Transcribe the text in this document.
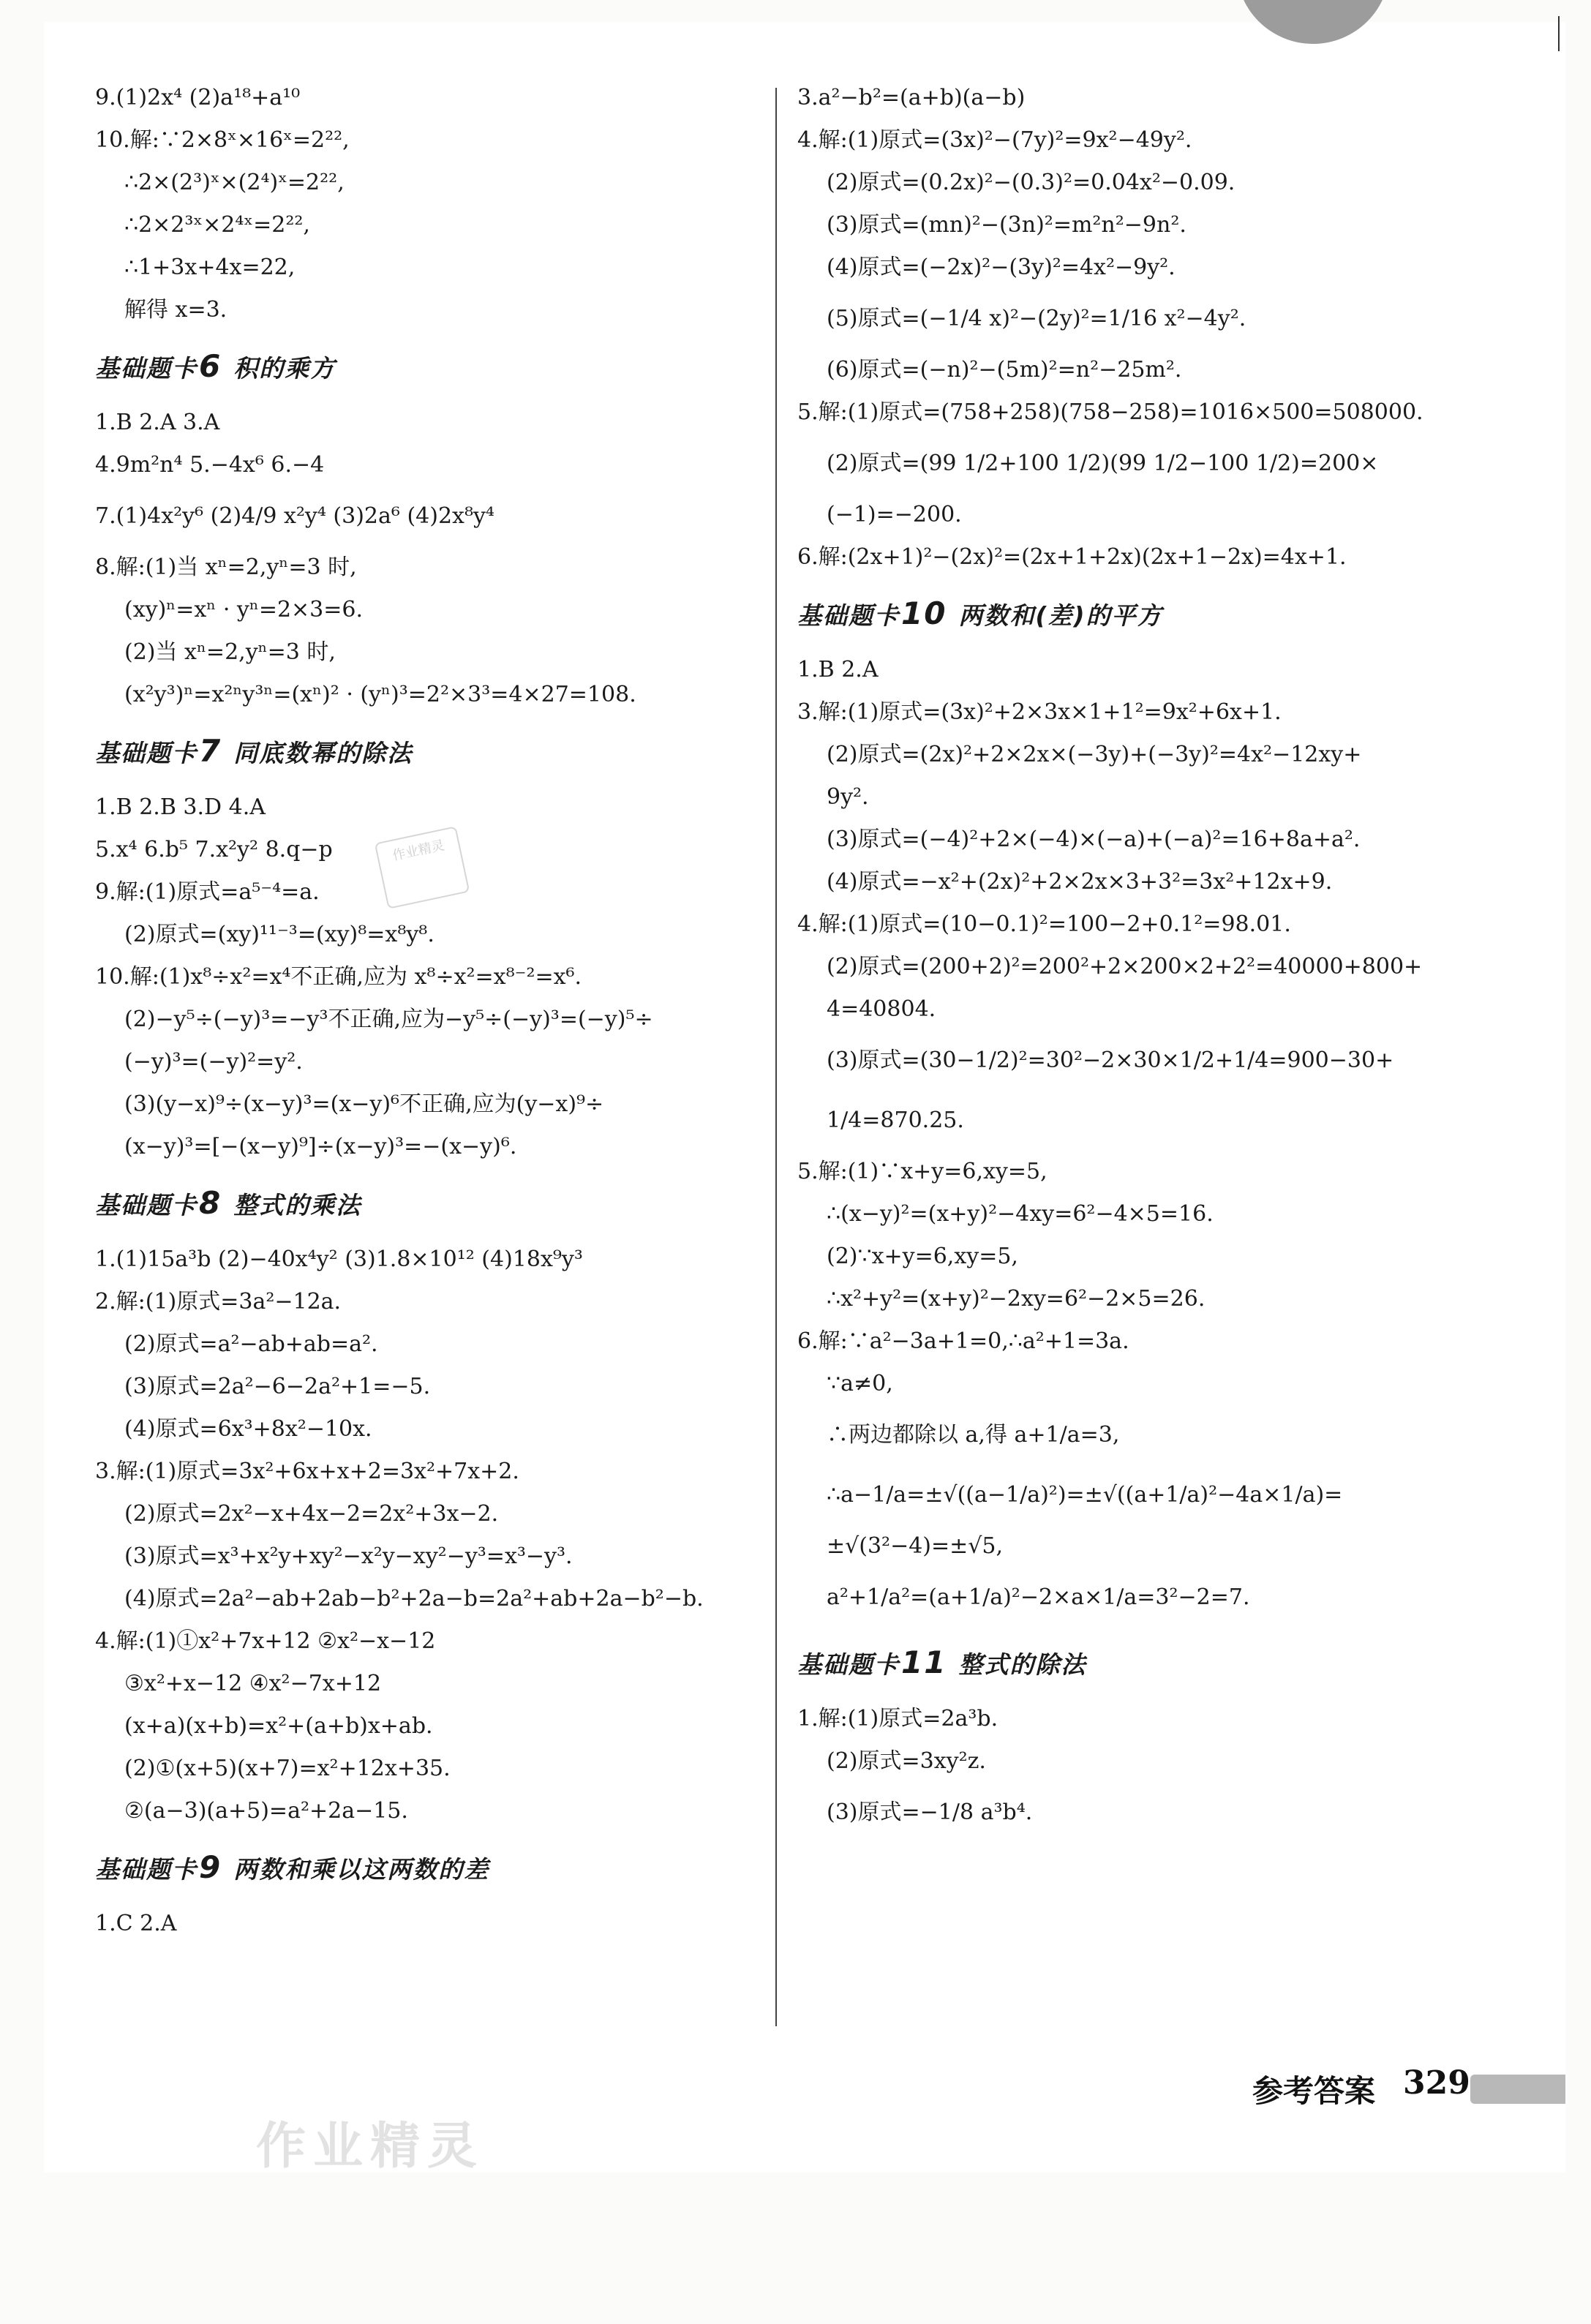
9.(1)2x⁴ (2)a¹⁸+a¹⁰
10.解:∵2×8ˣ×16ˣ=2²²,
∴2×(2³)ˣ×(2⁴)ˣ=2²²,
∴2×2³ˣ×2⁴ˣ=2²²,
∴1+3x+4x=22,
解得 x=3.
基础题卡6 积的乘方
1.B 2.A 3.A
4.9m²n⁴ 5.−4x⁶ 6.−4
7.(1)4x²y⁶ (2)4/9 x²y⁴ (3)2a⁶ (4)2x⁸y⁴
8.解:(1)当 xⁿ=2,yⁿ=3 时,
(xy)ⁿ=xⁿ · yⁿ=2×3=6.
(2)当 xⁿ=2,yⁿ=3 时,
(x²y³)ⁿ=x²ⁿy³ⁿ=(xⁿ)² · (yⁿ)³=2²×3³=4×27=108.
基础题卡7 同底数幂的除法
1.B 2.B 3.D 4.A
5.x⁴ 6.b⁵ 7.x²y² 8.q−p
9.解:(1)原式=a⁵⁻⁴=a.
(2)原式=(xy)¹¹⁻³=(xy)⁸=x⁸y⁸.
10.解:(1)x⁸÷x²=x⁴不正确,应为 x⁸÷x²=x⁸⁻²=x⁶.
(2)−y⁵÷(−y)³=−y³不正确,应为−y⁵÷(−y)³=(−y)⁵÷
(−y)³=(−y)²=y².
(3)(y−x)⁹÷(x−y)³=(x−y)⁶不正确,应为(y−x)⁹÷
(x−y)³=[−(x−y)⁹]÷(x−y)³=−(x−y)⁶.
基础题卡8 整式的乘法
1.(1)15a³b (2)−40x⁴y² (3)1.8×10¹² (4)18x⁹y³
2.解:(1)原式=3a²−12a.
(2)原式=a²−ab+ab=a².
(3)原式=2a²−6−2a²+1=−5.
(4)原式=6x³+8x²−10x.
3.解:(1)原式=3x²+6x+x+2=3x²+7x+2.
(2)原式=2x²−x+4x−2=2x²+3x−2.
(3)原式=x³+x²y+xy²−x²y−xy²−y³=x³−y³.
(4)原式=2a²−ab+2ab−b²+2a−b=2a²+ab+2a−b²−b.
4.解:(1)①x²+7x+12 ②x²−x−12
③x²+x−12 ④x²−7x+12
(x+a)(x+b)=x²+(a+b)x+ab.
(2)①(x+5)(x+7)=x²+12x+35.
②(a−3)(a+5)=a²+2a−15.
基础题卡9 两数和乘以这两数的差
1.C 2.A
3.a²−b²=(a+b)(a−b)
4.解:(1)原式=(3x)²−(7y)²=9x²−49y².
(2)原式=(0.2x)²−(0.3)²=0.04x²−0.09.
(3)原式=(mn)²−(3n)²=m²n²−9n².
(4)原式=(−2x)²−(3y)²=4x²−9y².
(5)原式=(−1/4 x)²−(2y)²=1/16 x²−4y².
(6)原式=(−n)²−(5m)²=n²−25m².
5.解:(1)原式=(758+258)(758−258)=1016×500=508000.
(2)原式=(99 1/2+100 1/2)(99 1/2−100 1/2)=200×
(−1)=−200.
6.解:(2x+1)²−(2x)²=(2x+1+2x)(2x+1−2x)=4x+1.
基础题卡10 两数和(差)的平方
1.B 2.A
3.解:(1)原式=(3x)²+2×3x×1+1²=9x²+6x+1.
(2)原式=(2x)²+2×2x×(−3y)+(−3y)²=4x²−12xy+
9y².
(3)原式=(−4)²+2×(−4)×(−a)+(−a)²=16+8a+a².
(4)原式=−x²+(2x)²+2×2x×3+3²=3x²+12x+9.
4.解:(1)原式=(10−0.1)²=100−2+0.1²=98.01.
(2)原式=(200+2)²=200²+2×200×2+2²=40000+800+
4=40804.
(3)原式=(30−1/2)²=30²−2×30×1/2+1/4=900−30+
1/4=870.25.
5.解:(1)∵x+y=6,xy=5,
∴(x−y)²=(x+y)²−4xy=6²−4×5=16.
(2)∵x+y=6,xy=5,
∴x²+y²=(x+y)²−2xy=6²−2×5=26.
6.解:∵a²−3a+1=0,∴a²+1=3a.
∵a≠0,
∴两边都除以 a,得 a+1/a=3,
∴a−1/a=±√((a−1/a)²)=±√((a+1/a)²−4a×1/a)=
±√(3²−4)=±√5,
a²+1/a²=(a+1/a)²−2×a×1/a=3²−2=7.
基础题卡11 整式的除法
1.解:(1)原式=2a³b.
(2)原式=3xy²z.
(3)原式=−1/8 a³b⁴.
作业精灵
作业精灵
参考答案 329
